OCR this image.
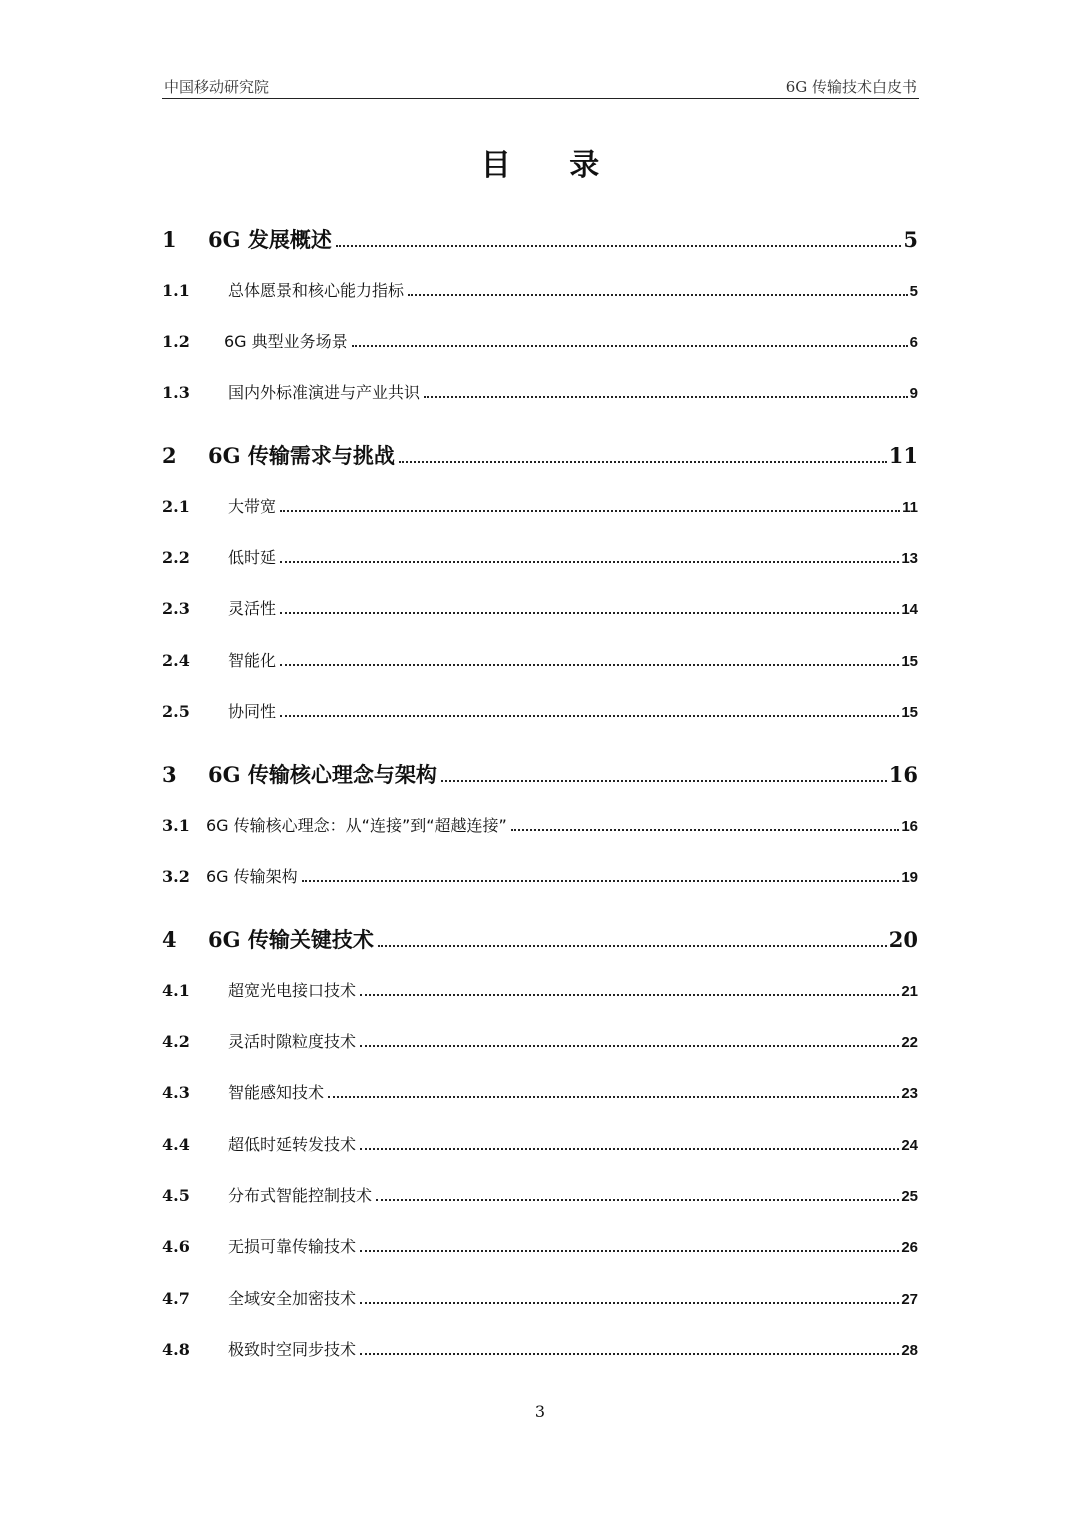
中国移动研究院	6G 传输技术白皮书
目 录
1	6G 发展概述	5
1.1	总体愿景和核心能力指标	5
1.2	6G 典型业务场景	6
1.3	国内外标准演进与产业共识	9
2	6G 传输需求与挑战	11
2.1	大带宽	11
2.2	低时延	13
2.3	灵活性	14
2.4	智能化	15
2.5	协同性	15
3	6G 传输核心理念与架构	16
3.1	6G 传输核心理念：从“连接”到“超越连接”	16
3.2	6G 传输架构	19
4	6G 传输关键技术	20
4.1	超宽光电接口技术	21
4.2	灵活时隙粒度技术	22
4.3	智能感知技术	23
4.4	超低时延转发技术	24
4.5	分布式智能控制技术	25
4.6	无损可靠传输技术	26
4.7	全域安全加密技术	27
4.8	极致时空同步技术	28
3
